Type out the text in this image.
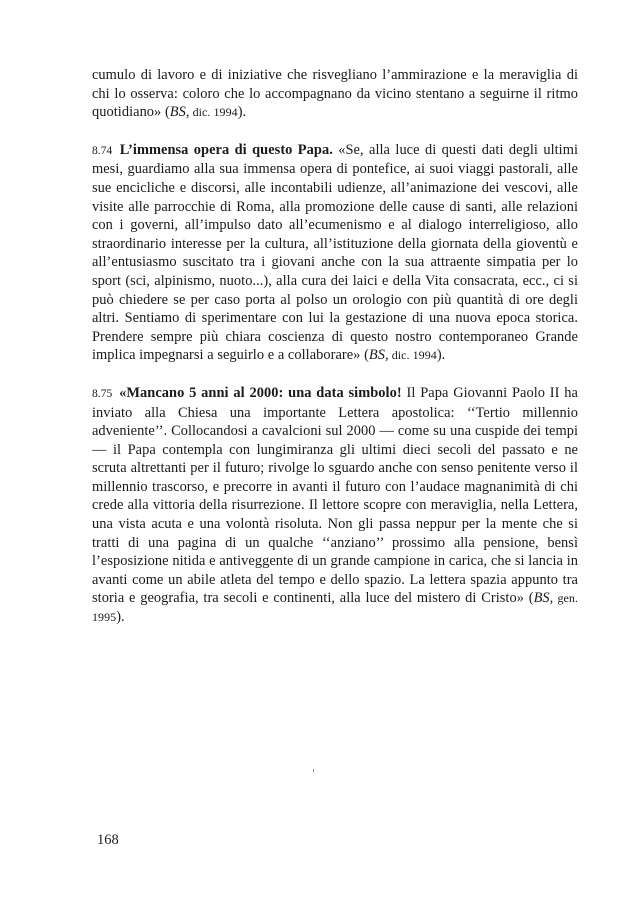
cumulo di lavoro e di iniziative che risvegliano l’ammirazione e la meraviglia di chi lo osserva: coloro che lo accompagnano da vicino stentano a seguirne il ritmo quotidiano» (BS, dic. 1994).

8.74 L’immensa opera di questo Papa. «Se, alla luce di questi dati degli ultimi mesi, guardiamo alla sua immensa opera di pontefice, ai suoi viaggi pastorali, alle sue encicliche e discorsi, alle incontabili udienze, all’animazione dei vescovi, alle visite alle parrocchie di Roma, alla promozione delle cause di santi, alle relazioni con i governi, all’impulso dato all’ecumenismo e al dialogo interreligioso, allo straordinario interesse per la cultura, all’istituzione della giornata della gioventù e all’entusiasmo suscitato tra i giovani anche con la sua attraente simpatia per lo sport (sci, alpinismo, nuoto...), alla cura dei laici e della Vita consacrata, ecc., ci si può chiedere se per caso porta al polso un orologio con più quantità di ore degli altri. Sentiamo di sperimentare con lui la gestazione di una nuova epoca storica. Prendere sempre più chiara coscienza di questo nostro contemporaneo Grande implica impegnarsi a seguirlo e a collaborare» (BS, dic. 1994).

8.75 «Mancano 5 anni al 2000: una data simbolo! Il Papa Giovanni Paolo II ha inviato alla Chiesa una importante Lettera apostolica: ‘‘Tertio millennio adveniente’’. Collocandosi a cavalcioni sul 2000 — come su una cuspide dei tempi — il Papa contempla con lungimiranza gli ultimi dieci secoli del passato e ne scruta altrettanti per il futuro; rivolge lo sguardo anche con senso penitente verso il millennio trascorso, e precorre in avanti il futuro con l’audace magnanimità di chi crede alla vittoria della risurrezione. Il lettore scopre con meraviglia, nella Lettera, una vista acuta e una volontà risoluta. Non gli passa neppur per la mente che si tratti di una pagina di un qualche ‘‘anziano’’ prossimo alla pensione, bensì l’esposizione nitida e antiveggente di un grande campione in carica, che si lancia in avanti come un abile atleta del tempo e dello spazio. La lettera spazia appunto tra storia e geografia, tra secoli e continenti, alla luce del mistero di Cristo» (BS, gen. 1995).

168
